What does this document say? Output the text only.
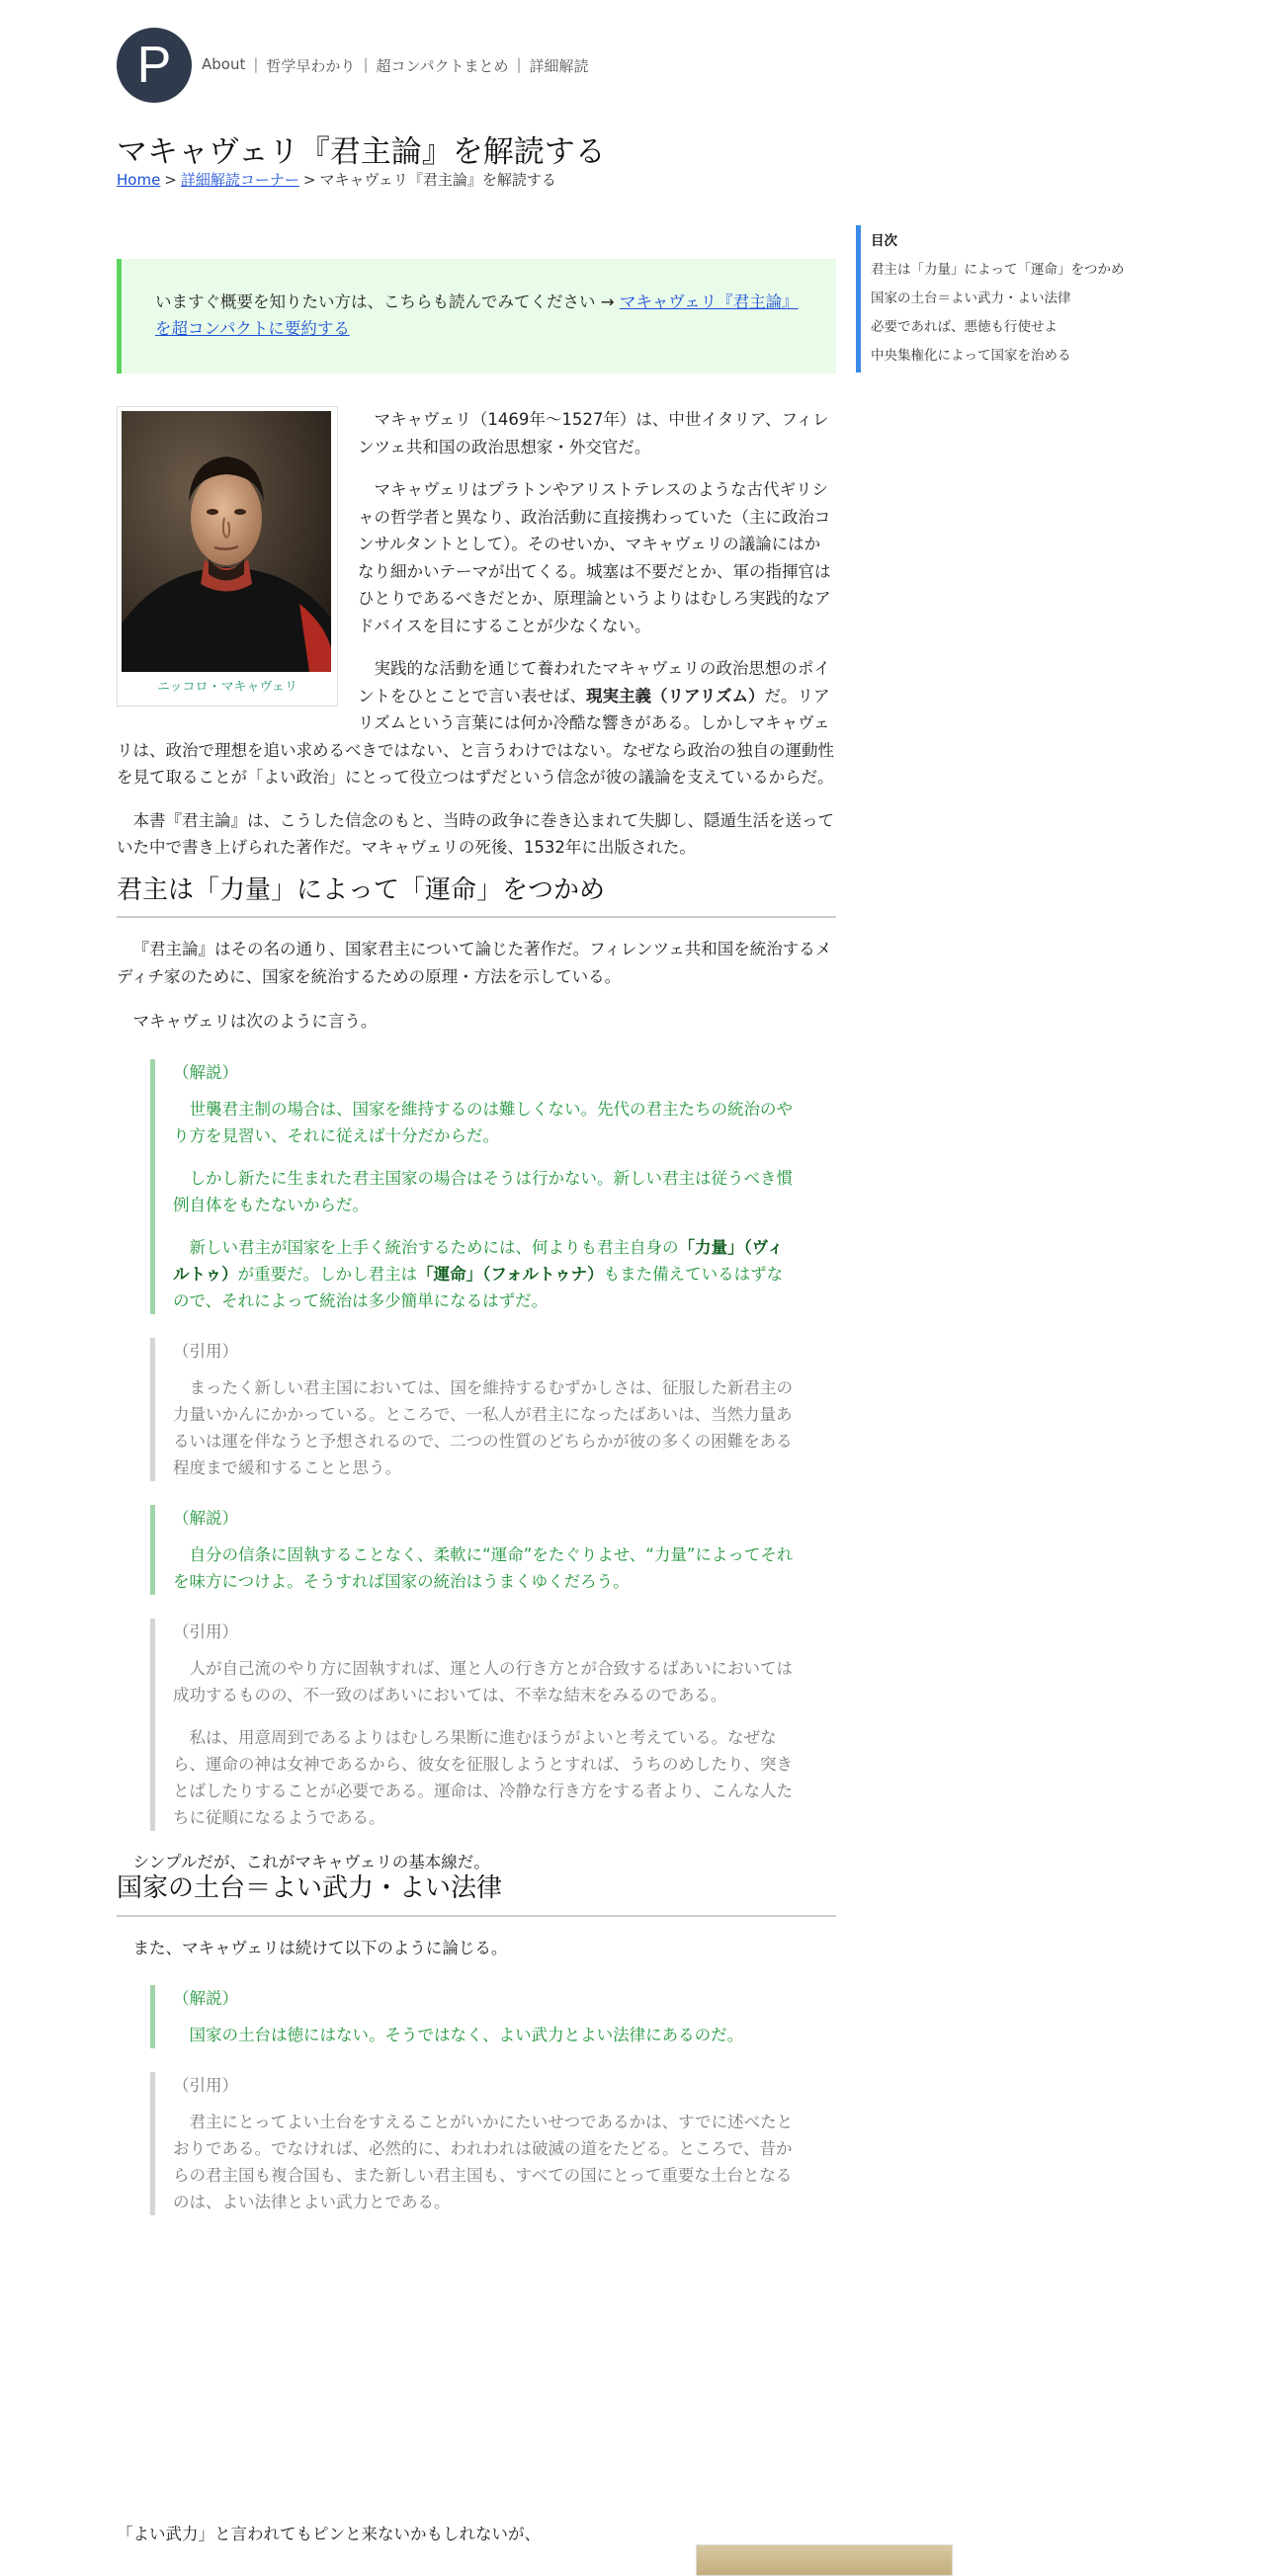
P	About | 哲学早わかり | 超コンパクトまとめ | 詳細解読
マキャヴェリ『君主論』を解読する
Home > 詳細解読コーナー > マキャヴェリ『君主論』を解読する
いますぐ概要を知りたい方は、こちらも読んでみてください → マキャヴェリ『君主論』を超コンパクトに要約する
ニッコロ・マキャヴェリ

マキャヴェリ（1469年～1527年）は、中世イタリア、フィレンツェ共和国の政治思想家・外交官だ。

マキャヴェリはプラトンやアリストテレスのような古代ギリシャの哲学者と異なり、政治活動に直接携わっていた（主に政治コンサルタントとして）。そのせいか、マキャヴェリの議論にはかなり細かいテーマが出てくる。城塞は不要だとか、軍の指揮官はひとりであるべきだとか、原理論というよりはむしろ実践的なアドバイスを目にすることが少なくない。

実践的な活動を通じて養われたマキャヴェリの政治思想のポイントをひとことで言い表せば、現実主義（リアリズム）だ。リアリズムという言葉には何か冷酷な響きがある。しかしマキャヴェリは、政治で理想を追い求めるべきではない、と言うわけではない。なぜなら政治の独自の運動性を見て取ることが「よい政治」にとって役立つはずだという信念が彼の議論を支えているからだ。

本書『君主論』は、こうした信念のもと、当時の政争に巻き込まれて失脚し、隠遁生活を送っていた中で書き上げられた著作だ。マキャヴェリの死後、1532年に出版された。

君主は「力量」によって「運命」をつかめ

『君主論』はその名の通り、国家君主について論じた著作だ。フィレンツェ共和国を統治するメディチ家のために、国家を統治するための原理・方法を示している。

マキャヴェリは次のように言う。

（解説）

世襲君主制の場合は、国家を維持するのは難しくない。先代の君主たちの統治のやり方を見習い、それに従えば十分だからだ。

しかし新たに生まれた君主国家の場合はそうは行かない。新しい君主は従うべき慣例自体をもたないからだ。

新しい君主が国家を上手く統治するためには、何よりも君主自身の「力量」（ヴィルトゥ）が重要だ。しかし君主は「運命」（フォルトゥナ）もまた備えているはずなので、それによって統治は多少簡単になるはずだ。

（引用）

まったく新しい君主国においては、国を維持するむずかしさは、征服した新君主の力量いかんにかかっている。ところで、一私人が君主になったばあいは、当然力量あるいは運を伴なうと予想されるので、二つの性質のどちらかが彼の多くの困難をある程度まで緩和することと思う。

（解説）

自分の信条に固執することなく、柔軟に“運命”をたぐりよせ、“力量”によってそれを味方につけよ。そうすれば国家の統治はうまくゆくだろう。

（引用）

人が自己流のやり方に固執すれば、運と人の行き方とが合致するばあいにおいては成功するものの、不一致のばあいにおいては、不幸な結末をみるのである。

私は、用意周到であるよりはむしろ果断に進むほうがよいと考えている。なぜなら、運命の神は女神であるから、彼女を征服しようとすれば、うちのめしたり、突きとばしたりすることが必要である。運命は、冷静な行き方をする者より、こんな人たちに従順になるようである。

シンプルだが、これがマキャヴェリの基本線だ。

国家の土台＝よい武力・よい法律

また、マキャヴェリは続けて以下のように論じる。

（解説）

国家の土台は徳にはない。そうではなく、よい武力とよい法律にあるのだ。

（引用）

君主にとってよい土台をすえることがいかにたいせつであるかは、すでに述べたとおりである。でなければ、必然的に、われわれは破滅の道をたどる。ところで、昔からの君主国も複合国も、また新しい君主国も、すべての国にとって重要な土台となるのは、よい法律とよい武力とである。

「よい武力」と言われてもピンと来ないかもしれないが、
目次
君主は「力量」によって「運命」をつかめ
国家の土台＝よい武力・よい法律
必要であれば、悪徳も行使せよ
中央集権化によって国家を治める
